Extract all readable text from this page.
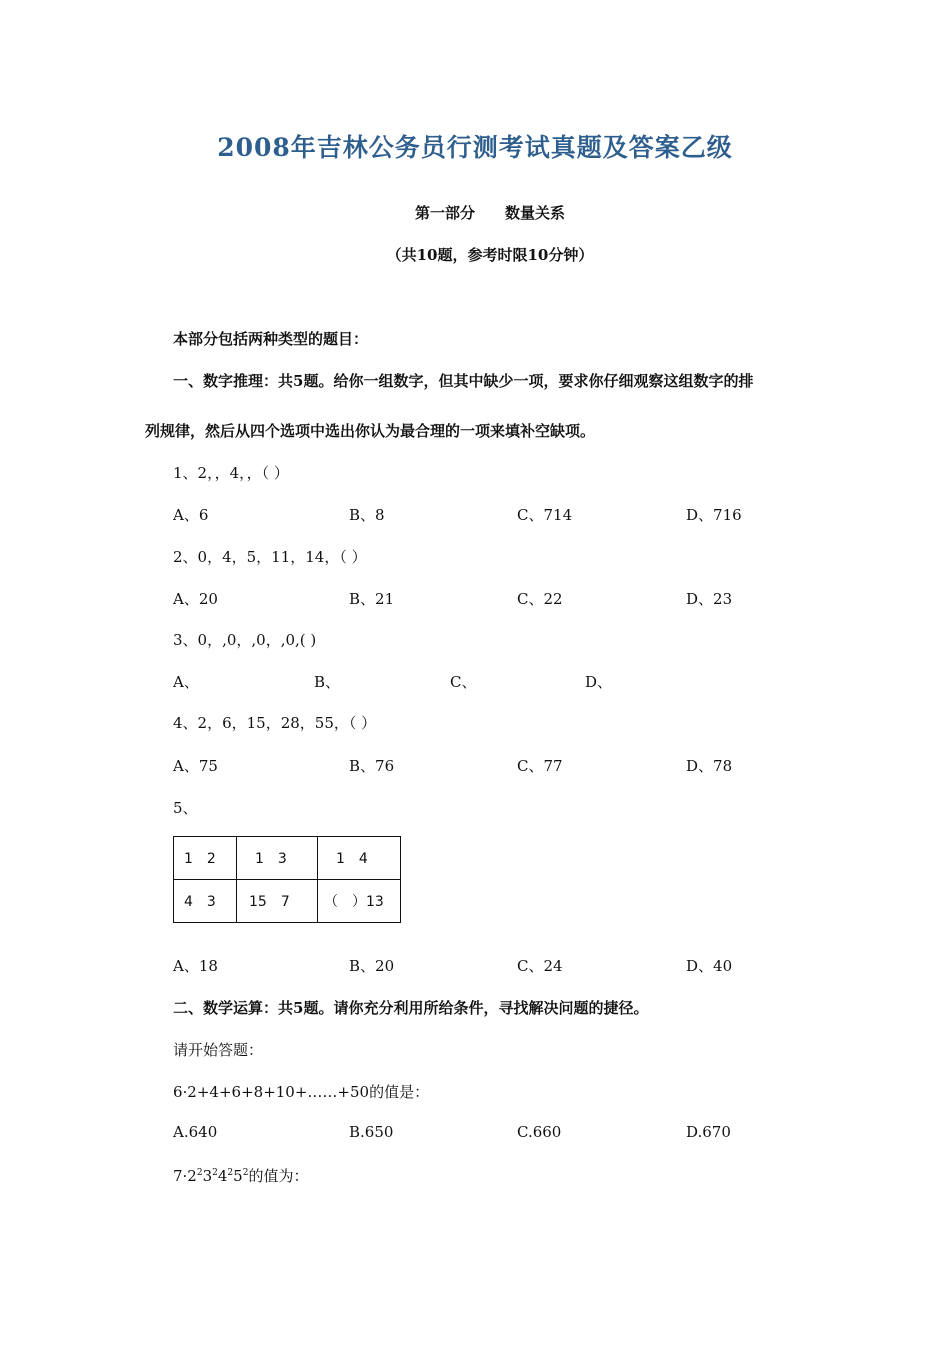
2008年吉林公务员行测考试真题及答案乙级
第一部分　　数量关系
（共10题，参考时限10分钟）
本部分包括两种类型的题目：
一、数字推理：共5题。给你一组数字，但其中缺少一项，要求你仔细观察这组数字的排
列规律，然后从四个选项中选出你认为最合理的一项来填补空缺项。
1、2，，4，，（ ）
A、6	B、8	C、714	D、716
2、0，4，5，11，14，（ ）
A、20	B、21	C、22	D、23
3、0，,0，,0，,0,( )
A、	B、	C、	D、
4、2，6，15，28，55，（ ）
A、75	B、76	C、77	D、78
5、
1　2	1　3	1　4
4　3	15　7	（　）13
A、18	B、20	C、24	D、40
二、数学运算：共5题。请你充分利用所给条件，寻找解决问题的捷径。
请开始答题：
6·2+4+6+8+10+……+50的值是：
A.640	B.650	C.660	D.670
$7\cdot 2^23^24^25^2$的值为：
